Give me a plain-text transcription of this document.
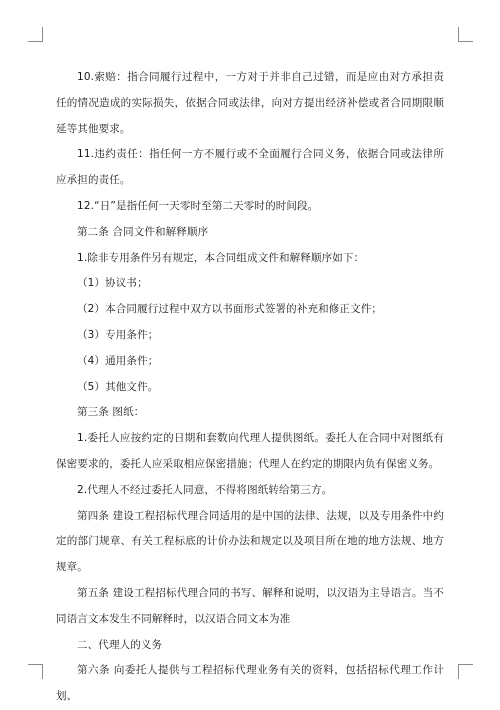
10.索赔：指合同履行过程中，一方对于并非自己过错，而是应由对方承担责任的情况造成的实际损失，依据合同或法律，向对方提出经济补偿或者合同期限顺延等其他要求。

11.违约责任：指任何一方不履行或不全面履行合同义务，依据合同或法律所应承担的责任。

12.“日”是指任何一天零时至第二天零时的时间段。

第二条 合同文件和解释顺序

1.除非专用条件另有规定，本合同组成文件和解释顺序如下：

（1）协议书；

（2）本合同履行过程中双方以书面形式签署的补充和修正文件；

（3）专用条件；

（4）通用条件；

（5）其他文件。

第三条 图纸：

1.委托人应按约定的日期和套数向代理人提供图纸。委托人在合同中对图纸有保密要求的，委托人应采取相应保密措施；代理人在约定的期限内负有保密义务。

2.代理人不经过委托人同意，不得将图纸转给第三方。

第四条 建设工程招标代理合同适用的是中国的法律、法规，以及专用条件中约定的部门规章、有关工程标底的计价办法和规定以及项目所在地的地方法规、地方规章。

第五条 建设工程招标代理合同的书写、解释和说明，以汉语为主导语言。当不同语言文本发生不同解释时，以汉语合同文本为准

二、代理人的义务

第六条 向委托人提供与工程招标代理业务有关的资料，包括招标代理工作计划、
